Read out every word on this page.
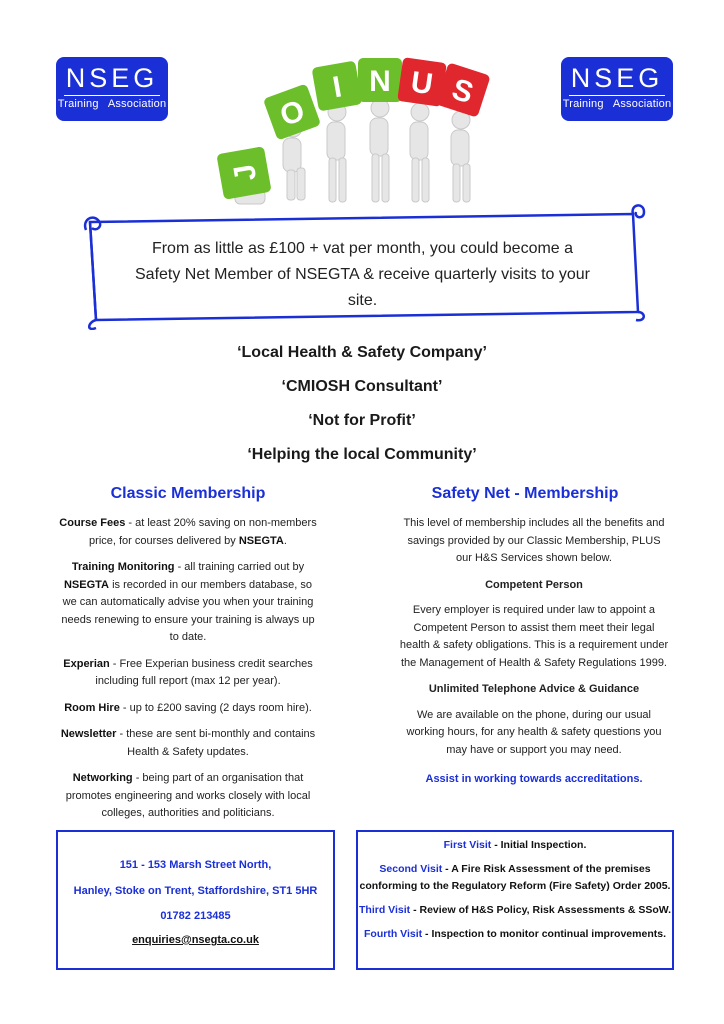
NSEG
Training   Association
NSEG
Training   Association
J
O
I N U S
From as little as £100 + vat per month, you could become a
Safety Net Member of NSEGTA & receive quarterly visits to your
site.
‘Local Health & Safety Company’
‘CMIOSH Consultant’
‘Not for Profit’
‘Helping the local Community’
Classic Membership

Course Fees - at least 20% saving on non-members price, for courses delivered by NSEGTA.

Training Monitoring - all training carried out by NSEGTA is recorded in our members database, so we can automatically advise you when your training needs renewing to ensure your training is always up to date.

Experian - Free Experian business credit searches including full report (max 12 per year).

Room Hire - up to £200 saving (2 days room hire).

Newsletter - these are sent bi-monthly and contains Health & Safety updates.

Networking - being part of an organisation that promotes engineering and works closely with local colleges, authorities and politicians.

Safety Net - Membership

This level of membership includes all the benefits and savings provided by our Classic Membership, PLUS our H&S Services shown below.

Competent Person

Every employer is required under law to appoint a Competent Person to assist them meet their legal health & safety obligations. This is a requirement under the Management of Health & Safety Regulations 1999.

Unlimited Telephone Advice & Guidance

We are available on the phone, during our usual working hours, for any health & safety questions you may have or support you may need.

Assist in working towards accreditations.

151 - 153 Marsh Street North,
Hanley, Stoke on Trent, Staffordshire, ST1 5HR
01782 213485
enquiries@nsegta.co.uk
First Visit - Initial Inspection.
Second Visit - A Fire Risk Assessment of the premises
conforming to the Regulatory Reform (Fire Safety) Order 2005.
Third Visit - Review of H&S Policy, Risk Assessments & SSoW.
Fourth Visit - Inspection to monitor continual improvements.
